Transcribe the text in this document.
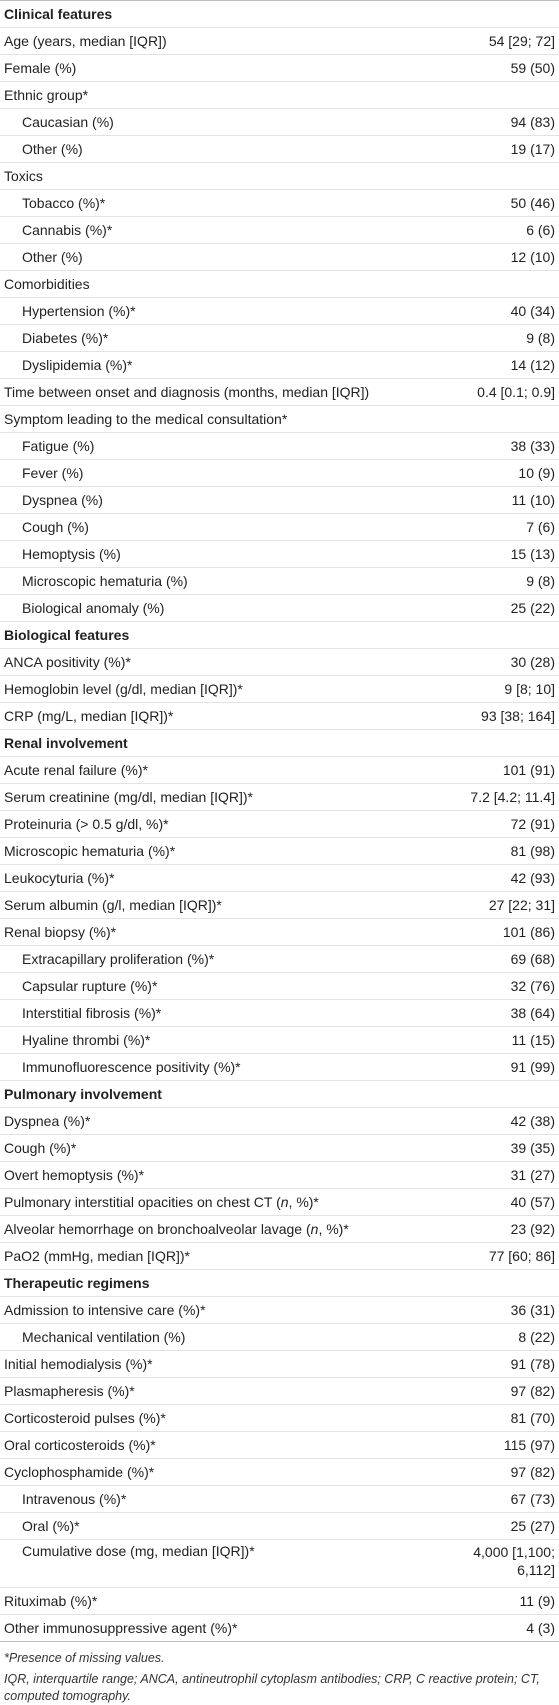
Clinical features	
Age (years, median [IQR])	54 [29; 72]
Female (%)	59 (50)
Ethnic group*	
Caucasian (%)	94 (83)
Other (%)	19 (17)
Toxics	
Tobacco (%)*	50 (46)
Cannabis (%)*	6 (6)
Other (%)	12 (10)
Comorbidities	
Hypertension (%)*	40 (34)
Diabetes (%)*	9 (8)
Dyslipidemia (%)*	14 (12)
Time between onset and diagnosis (months, median [IQR])	0.4 [0.1; 0.9]
Symptom leading to the medical consultation*	
Fatigue (%)	38 (33)
Fever (%)	10 (9)
Dyspnea (%)	11 (10)
Cough (%)	7 (6)
Hemoptysis (%)	15 (13)
Microscopic hematuria (%)	9 (8)
Biological anomaly (%)	25 (22)
Biological features	
ANCA positivity (%)*	30 (28)
Hemoglobin level (g/dl, median [IQR])*	9 [8; 10]
CRP (mg/L, median [IQR])*	93 [38; 164]
Renal involvement	
Acute renal failure (%)*	101 (91)
Serum creatinine (mg/dl, median [IQR])*	7.2 [4.2; 11.4]
Proteinuria (> 0.5 g/dl, %)*	72 (91)
Microscopic hematuria (%)*	81 (98)
Leukocyturia (%)*	42 (93)
Serum albumin (g/l, median [IQR])*	27 [22; 31]
Renal biopsy (%)*	101 (86)
Extracapillary proliferation (%)*	69 (68)
Capsular rupture (%)*	32 (76)
Interstitial fibrosis (%)*	38 (64)
Hyaline thrombi (%)*	11 (15)
Immunofluorescence positivity (%)*	91 (99)
Pulmonary involvement	
Dyspnea (%)*	42 (38)
Cough (%)*	39 (35)
Overt hemoptysis (%)*	31 (27)
Pulmonary interstitial opacities on chest CT (n, %)*	40 (57)
Alveolar hemorrhage on bronchoalveolar lavage (n, %)*	23 (92)
PaO2 (mmHg, median [IQR])*	77 [60; 86]
Therapeutic regimens	
Admission to intensive care (%)*	36 (31)
Mechanical ventilation (%)	8 (22)
Initial hemodialysis (%)*	91 (78)
Plasmapheresis (%)*	97 (82)
Corticosteroid pulses (%)*	81 (70)
Oral corticosteroids (%)*	115 (97)
Cyclophosphamide (%)*	97 (82)
Intravenous (%)*	67 (73)
Oral (%)*	25 (27)
Cumulative dose (mg, median [IQR])*	4,000 [1,100; 6,112]
Rituximab (%)*	11 (9)
Other immunosuppressive agent (%)*	4 (3)

*Presence of missing values.

IQR, interquartile range; ANCA, antineutrophil cytoplasm antibodies; CRP, C reactive protein; CT, computed tomography.
